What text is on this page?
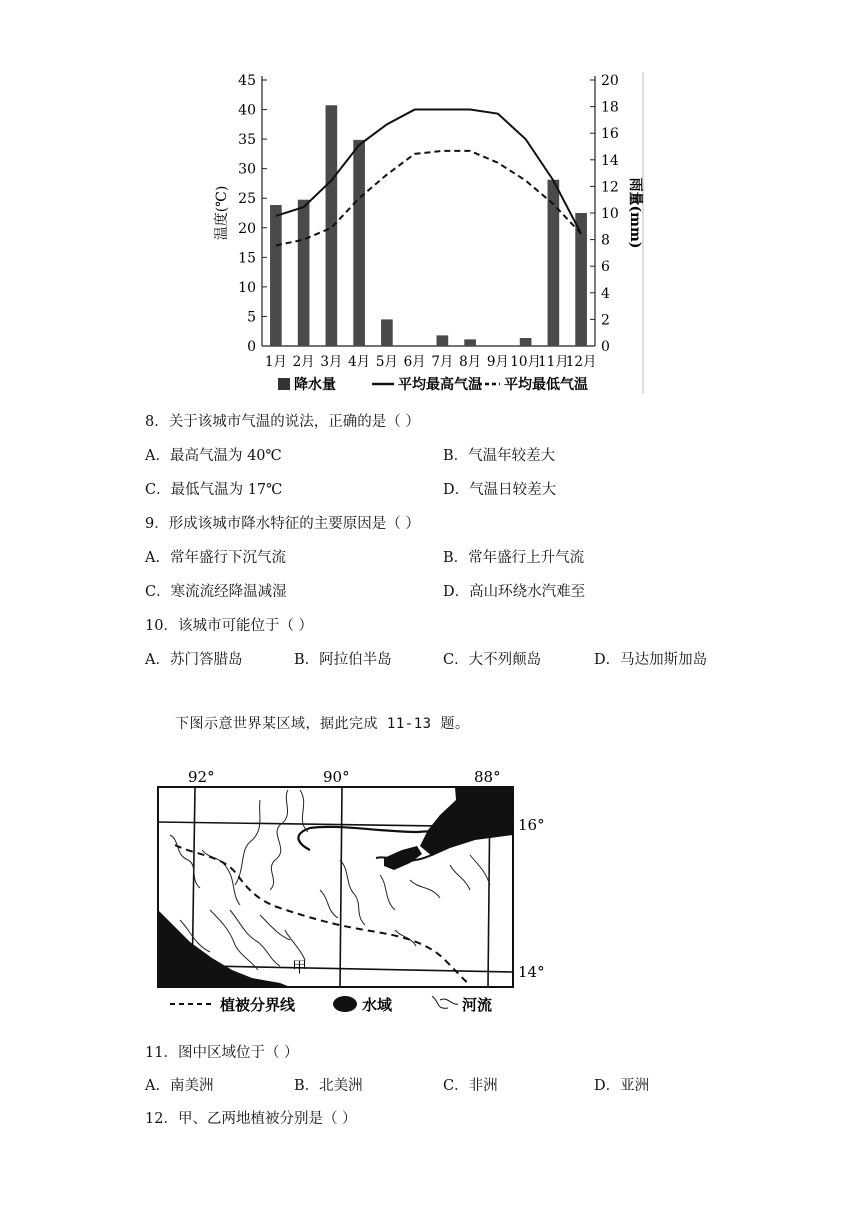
0
5
10
15
20
25
30
35
40
45
0
2
4
6
8
10
12
14
16
18
20
温度(℃)	雨量(mm)
1月 2月 3月 4月 5月 6月 7月 8月 9月 10月
11月
12月
降水量	平均最高气温 平均最低气温
8．关于该城市气温的说法，正确的是（ ）
A．最高气温为 40℃	B．气温年较差大
C．最低气温为 17℃	D．气温日较差大
9．形成该城市降水特征的主要原因是（ ）
A．常年盛行下沉气流	B．常年盛行上升气流
C．寒流流经降温减湿	D．高山环绕水汽难至
10．该城市可能位于（ ）
A．苏门答腊岛	B．阿拉伯半岛	C．大不列颠岛	D．马达加斯加岛
下图示意世界某区域，据此完成 11-13 题。
92°	90°	88°
16°
14°
甲
植被分界线	水域	河流
11．图中区域位于（ ）
A．南美洲	B．北美洲	C．非洲	D．亚洲
12．甲、乙两地植被分别是（ ）
